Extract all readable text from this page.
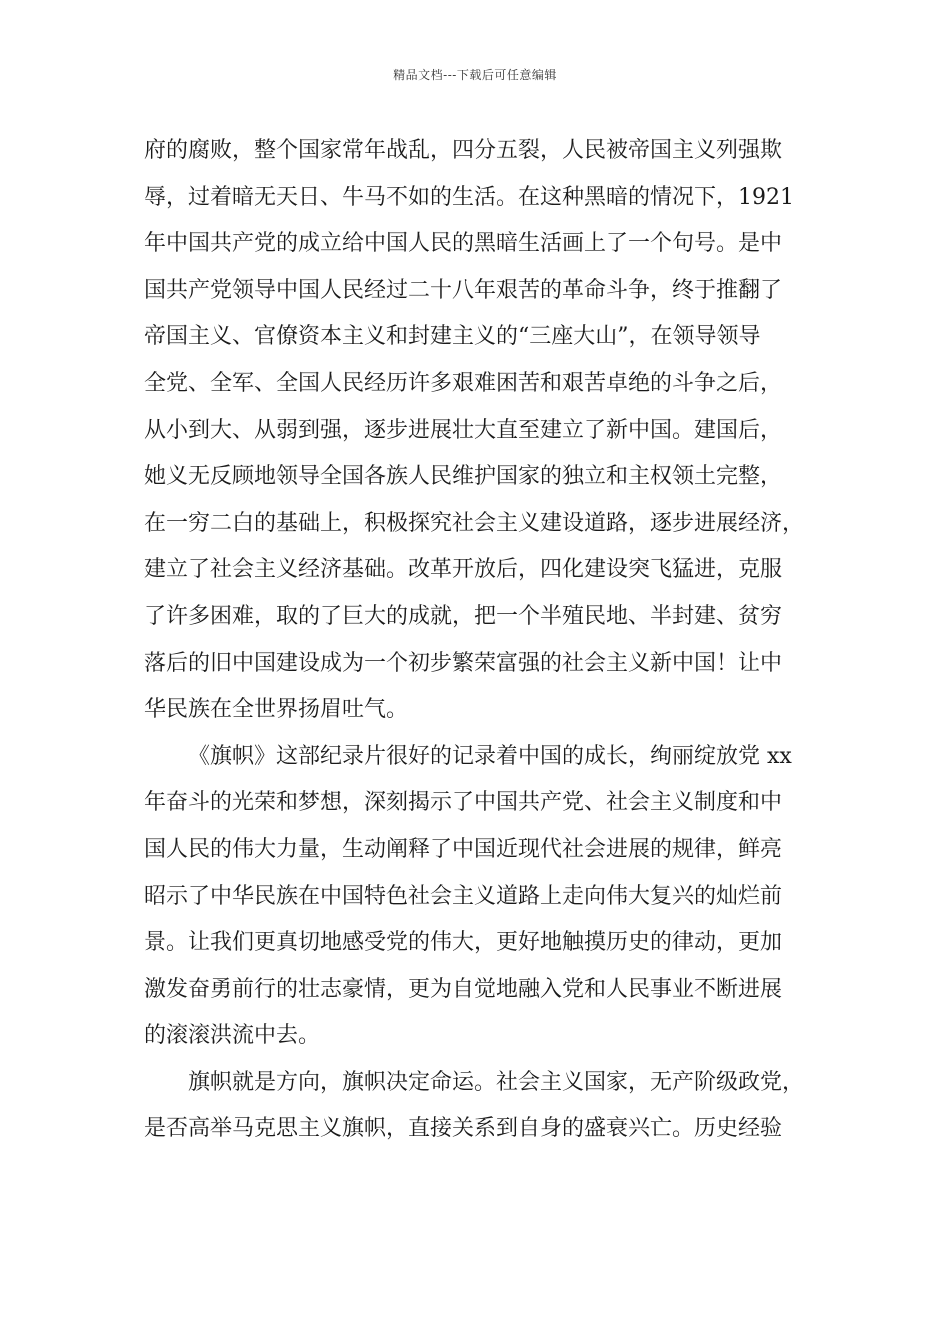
精品文档---下载后可任意编辑
府的腐败，整个国家常年战乱，四分五裂，人民被帝国主义列强欺
辱，过着暗无天日、牛马不如的生活。在这种黑暗的情况下，1921
年中国共产党的成立给中国人民的黑暗生活画上了一个句号。是中
国共产党领导中国人民经过二十八年艰苦的革命斗争，终于推翻了
帝国主义、官僚资本主义和封建主义的“三座大山”，在领导领导
全党、全军、全国人民经历许多艰难困苦和艰苦卓绝的斗争之后，
从小到大、从弱到强，逐步进展壮大直至建立了新中国。建国后，
她义无反顾地领导全国各族人民维护国家的独立和主权领土完整，
在一穷二白的基础上，积极探究社会主义建设道路，逐步进展经济，
建立了社会主义经济基础。改革开放后，四化建设突飞猛进，克服
了许多困难，取的了巨大的成就，把一个半殖民地、半封建、贫穷
落后的旧中国建设成为一个初步繁荣富强的社会主义新中国！让中
华民族在全世界扬眉吐气。
《旗帜》这部纪录片很好的记录着中国的成长，绚丽绽放党 xx
年奋斗的光荣和梦想，深刻揭示了中国共产党、社会主义制度和中
国人民的伟大力量，生动阐释了中国近现代社会进展的规律，鲜亮
昭示了中华民族在中国特色社会主义道路上走向伟大复兴的灿烂前
景。让我们更真切地感受党的伟大，更好地触摸历史的律动，更加
激发奋勇前行的壮志豪情，更为自觉地融入党和人民事业不断进展
的滚滚洪流中去。
旗帜就是方向，旗帜决定命运。社会主义国家，无产阶级政党，
是否高举马克思主义旗帜，直接关系到自身的盛衰兴亡。历史经验
